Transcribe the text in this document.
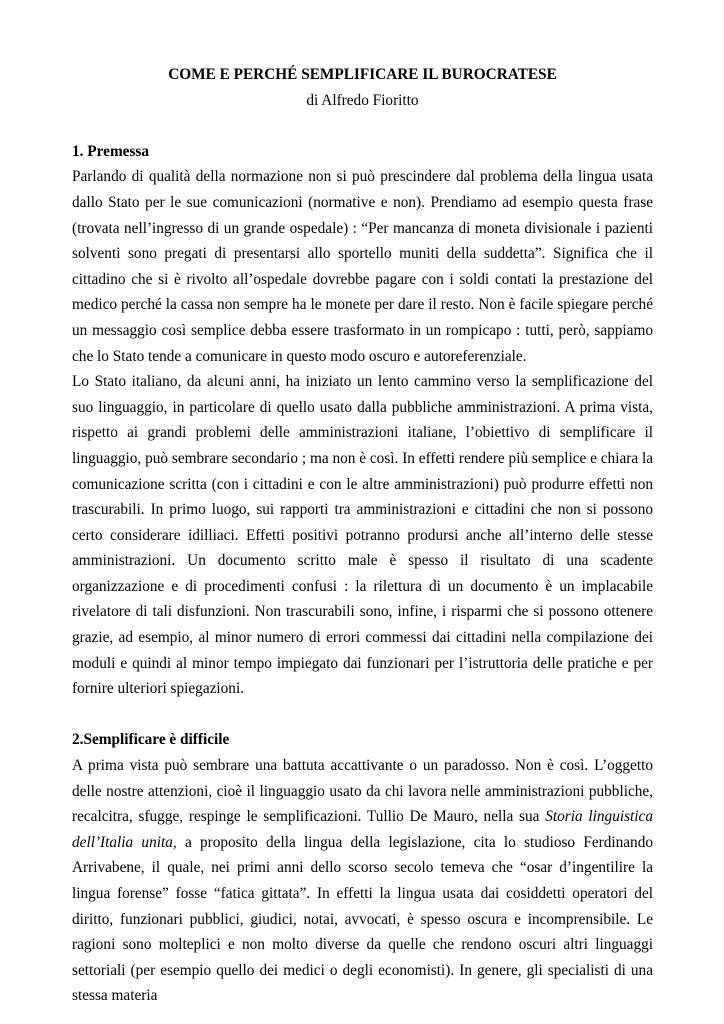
COME E PERCHÉ SEMPLIFICARE IL BUROCRATESE

di Alfredo Fioritto

1. Premessa

Parlando di qualità della normazione non si può prescindere dal problema della lingua usata dallo Stato per le sue comunicazioni (normative e non). Prendiamo ad esempio questa frase (trovata nell’ingresso di un grande ospedale) : “Per mancanza di moneta divisionale i pazienti solventi sono pregati di presentarsi allo sportello muniti della suddetta”. Significa che il cittadino che si è rivolto all’ospedale dovrebbe pagare con i soldi contati la prestazione del medico perché la cassa non sempre ha le monete per dare il resto. Non è facile spiegare perché un messaggio così semplice debba essere trasformato in un rompicapo : tutti, però, sappiamo che lo Stato tende a comunicare in questo modo oscuro e autoreferenziale.

Lo Stato italiano, da alcuni anni, ha iniziato un lento cammino verso la semplificazione del suo linguaggio, in particolare di quello usato dalla pubbliche amministrazioni. A prima vista, rispetto ai grandi problemi delle amministrazioni italiane, l’obiettivo di semplificare il linguaggio, può sembrare secondario ; ma non è così. In effetti rendere più semplice e chiara la comunicazione scritta (con i cittadini e con le altre amministrazioni) può produrre effetti non trascurabili. In primo luogo, sui rapporti tra amministrazioni e cittadini che non si possono certo considerare idilliaci. Effetti positivi potranno prodursi anche all’interno delle stesse amministrazioni. Un documento scritto male è spesso il risultato di una scadente organizzazione e di procedimenti confusi : la rilettura di un documento è un implacabile rivelatore di tali disfunzioni. Non trascurabili sono, infine, i risparmi che si possono ottenere grazie, ad esempio, al minor numero di errori commessi dai cittadini nella compilazione dei moduli e quindi al minor tempo impiegato dai funzionari per l’istruttoria delle pratiche e per fornire ulteriori spiegazioni.

2.Semplificare è difficile

A prima vista può sembrare una battuta accattivante o un paradosso. Non è così. L’oggetto delle nostre attenzioni, cioè il linguaggio usato da chi lavora nelle amministrazioni pubbliche, recalcitra, sfugge, respinge le semplificazioni. Tullio De Mauro, nella sua Storia linguistica dell’Italia unita, a proposito della lingua della legislazione, cita lo studioso Ferdinando Arrivabene, il quale, nei primi anni dello scorso secolo temeva che “osar d’ingentilire la lingua forense” fosse “fatica gittata”. In effetti la lingua usata dai cosiddetti operatori del diritto, funzionari pubblici, giudici, notai, avvocati, è spesso oscura e incomprensibile. Le ragioni sono molteplici e non molto diverse da quelle che rendono oscuri altri linguaggi settoriali (per esempio quello dei medici o degli economisti). In genere, gli specialisti di una stessa materia
